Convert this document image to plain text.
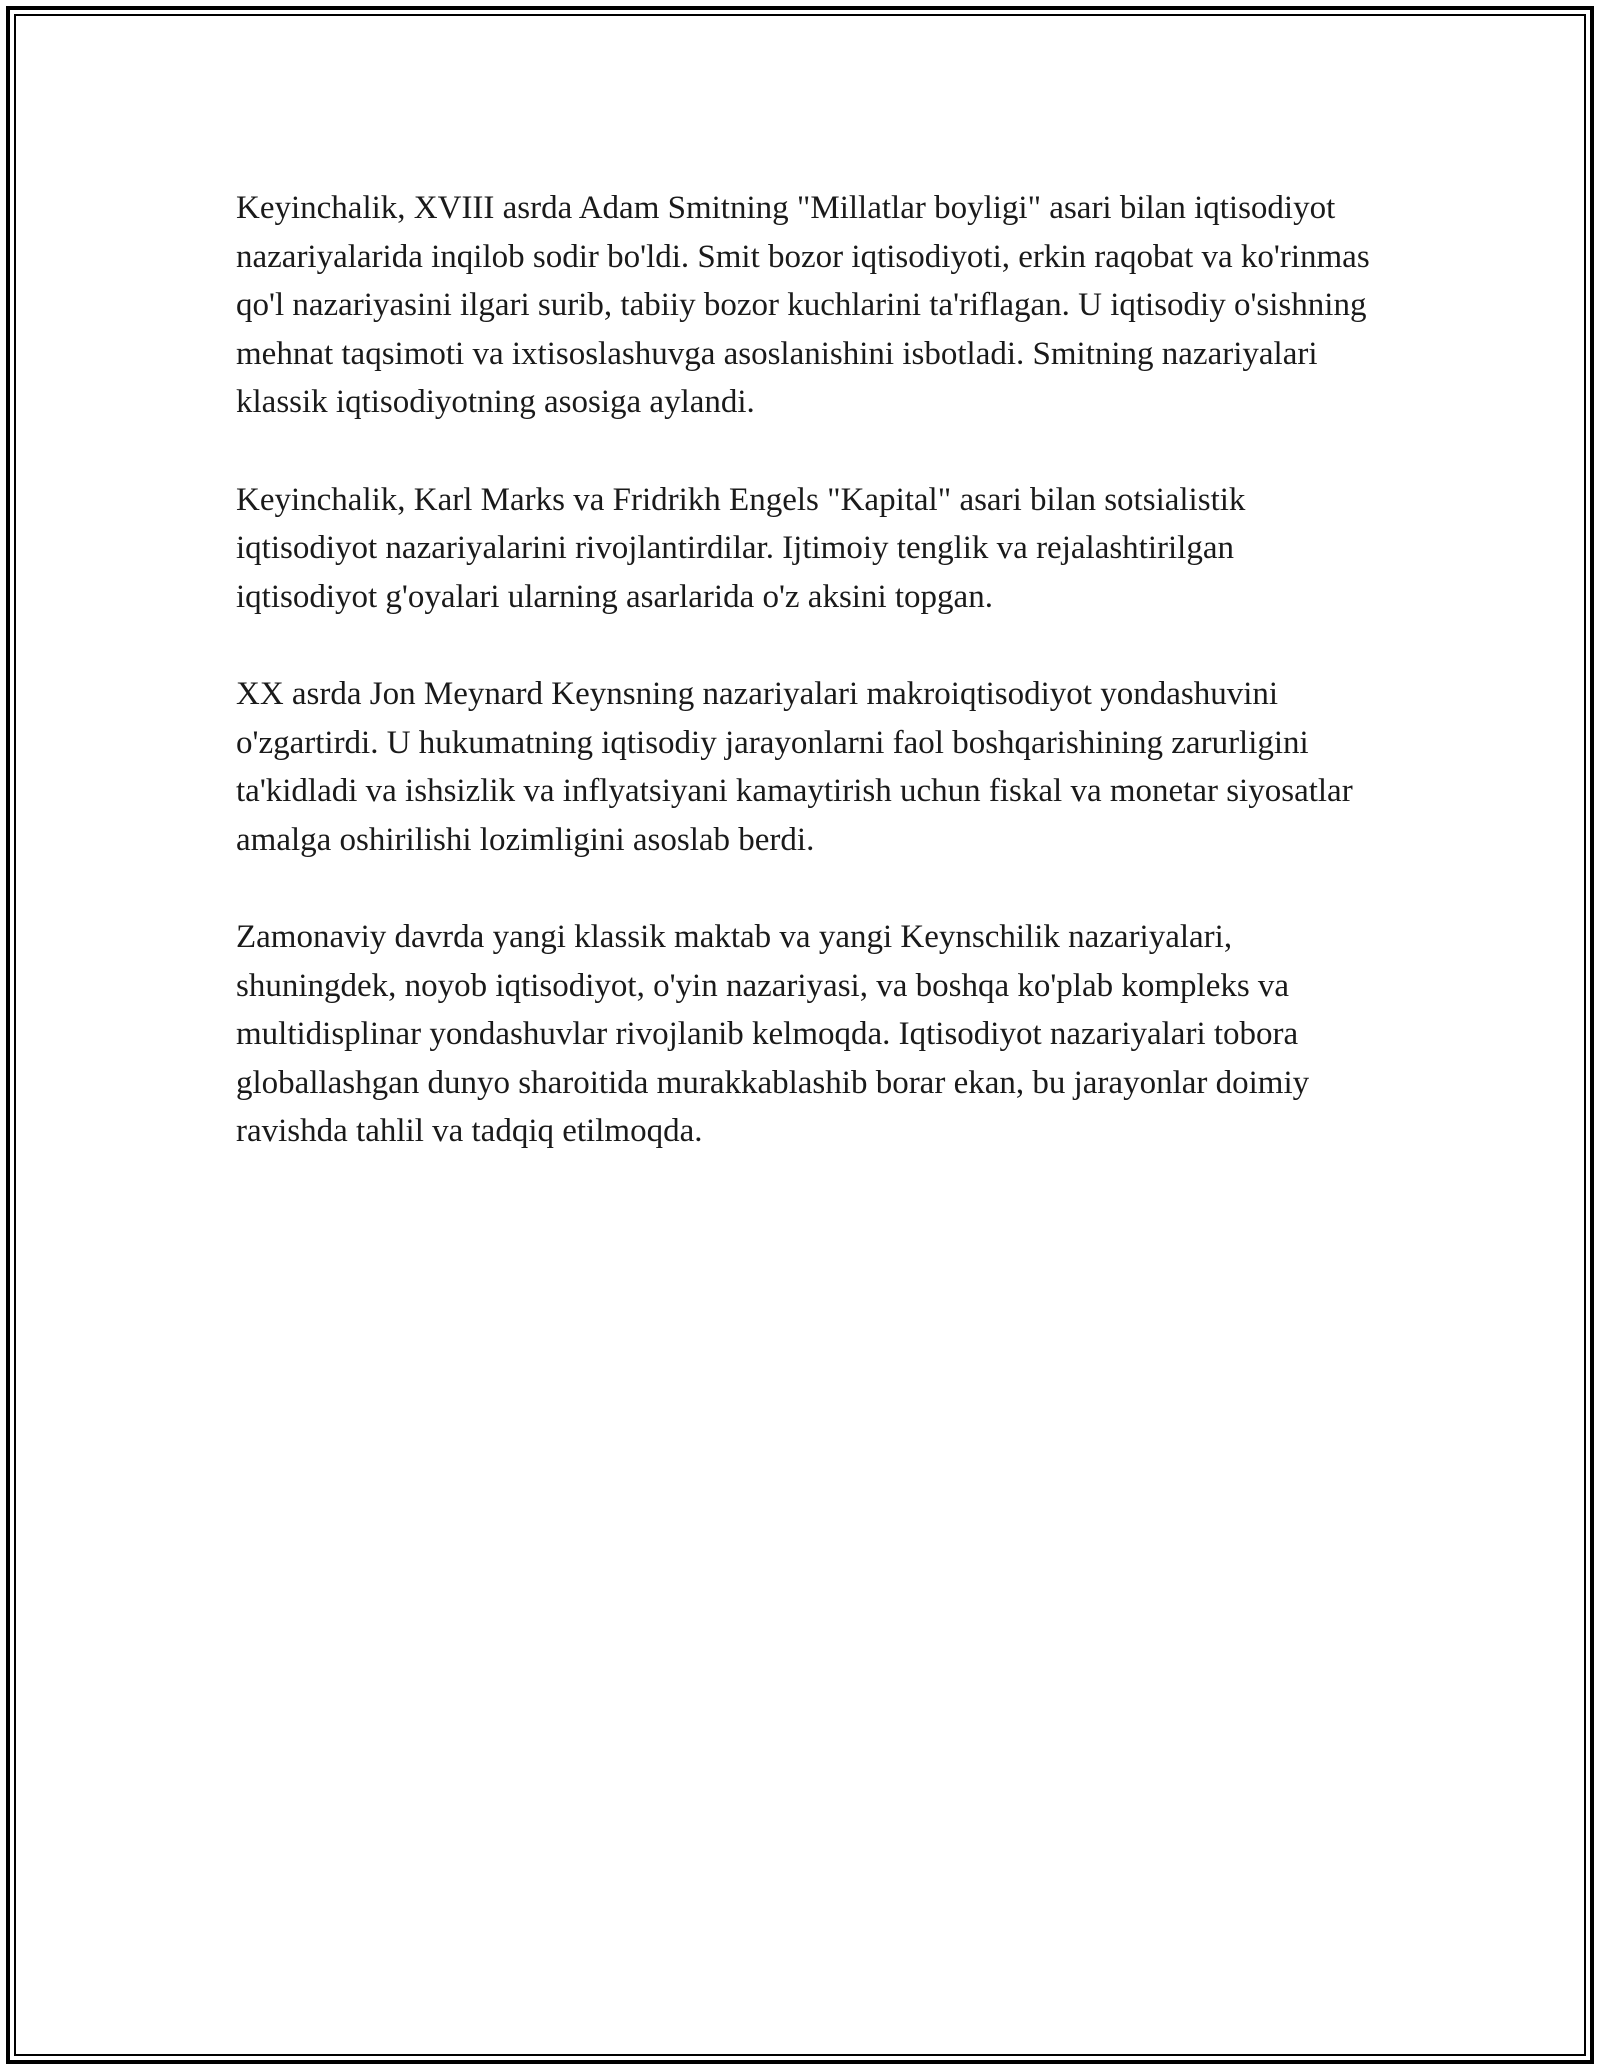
Keyinchalik, XVIII asrda Adam Smitning "Millatlar boyligi" asari bilan iqtisodiyot nazariyalarida inqilob sodir bo'ldi. Smit bozor iqtisodiyoti, erkin raqobat va ko'rinmas qo'l nazariyasini ilgari surib, tabiiy bozor kuchlarini ta'riflagan. U iqtisodiy o'sishning mehnat taqsimoti va ixtisoslashuvga asoslanishini isbotladi. Smitning nazariyalari klassik iqtisodiyotning asosiga aylandi.

Keyinchalik, Karl Marks va Fridrikh Engels "Kapital" asari bilan sotsialistik iqtisodiyot nazariyalarini rivojlantirdilar. Ijtimoiy tenglik va rejalashtirilgan iqtisodiyot g'oyalari ularning asarlarida o'z aksini topgan.

XX asrda Jon Meynard Keynsning nazariyalari makroiqtisodiyot yondashuvini o'zgartirdi. U hukumatning iqtisodiy jarayonlarni faol boshqarishining zarurligini ta'kidladi va ishsizlik va inflyatsiyani kamaytirish uchun fiskal va monetar siyosatlar amalga oshirilishi lozimligini asoslab berdi.

Zamonaviy davrda yangi klassik maktab va yangi Keynschilik nazariyalari, shuningdek, noyob iqtisodiyot, o'yin nazariyasi, va boshqa ko'plab kompleks va multidisplinar yondashuvlar rivojlanib kelmoqda. Iqtisodiyot nazariyalari tobora globallashgan dunyo sharoitida murakkablashib borar ekan, bu jarayonlar doimiy ravishda tahlil va tadqiq etilmoqda.
